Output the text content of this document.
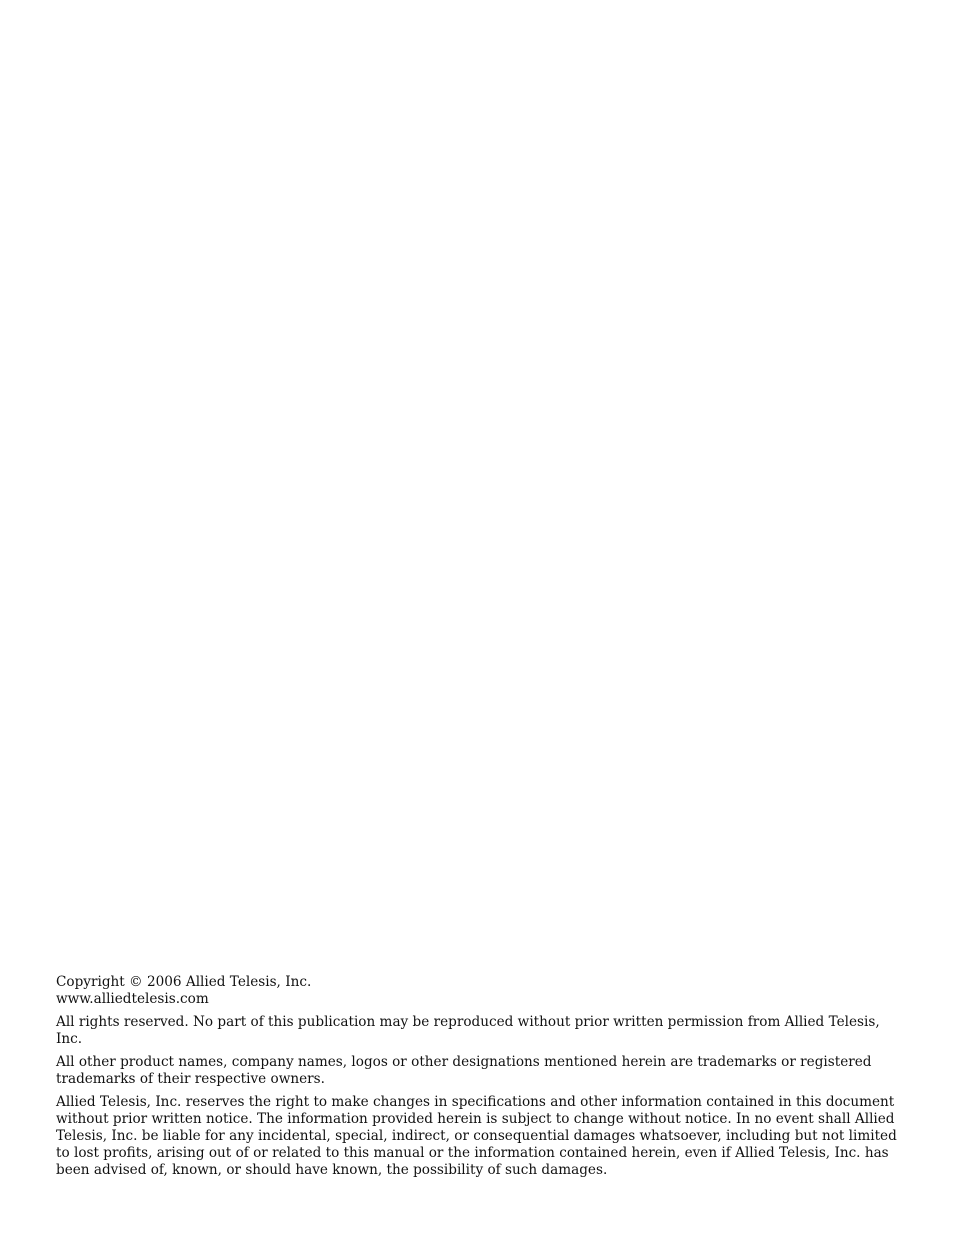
Copyright © 2006 Allied Telesis, Inc.

www.alliedtelesis.com

All rights reserved. No part of this publication may be reproduced without prior written permission from Allied Telesis, Inc.

All other product names, company names, logos or other designations mentioned herein are trademarks or registered trademarks of their respective owners.

Allied Telesis, Inc. reserves the right to make changes in specifications and other information contained in this document without prior written notice. The information provided herein is subject to change without notice. In no event shall Allied Telesis, Inc. be liable for any incidental, special, indirect, or consequential damages whatsoever, including but not limited to lost profits, arising out of or related to this manual or the information contained herein, even if Allied Telesis, Inc. has been advised of, known, or should have known, the possibility of such damages.
